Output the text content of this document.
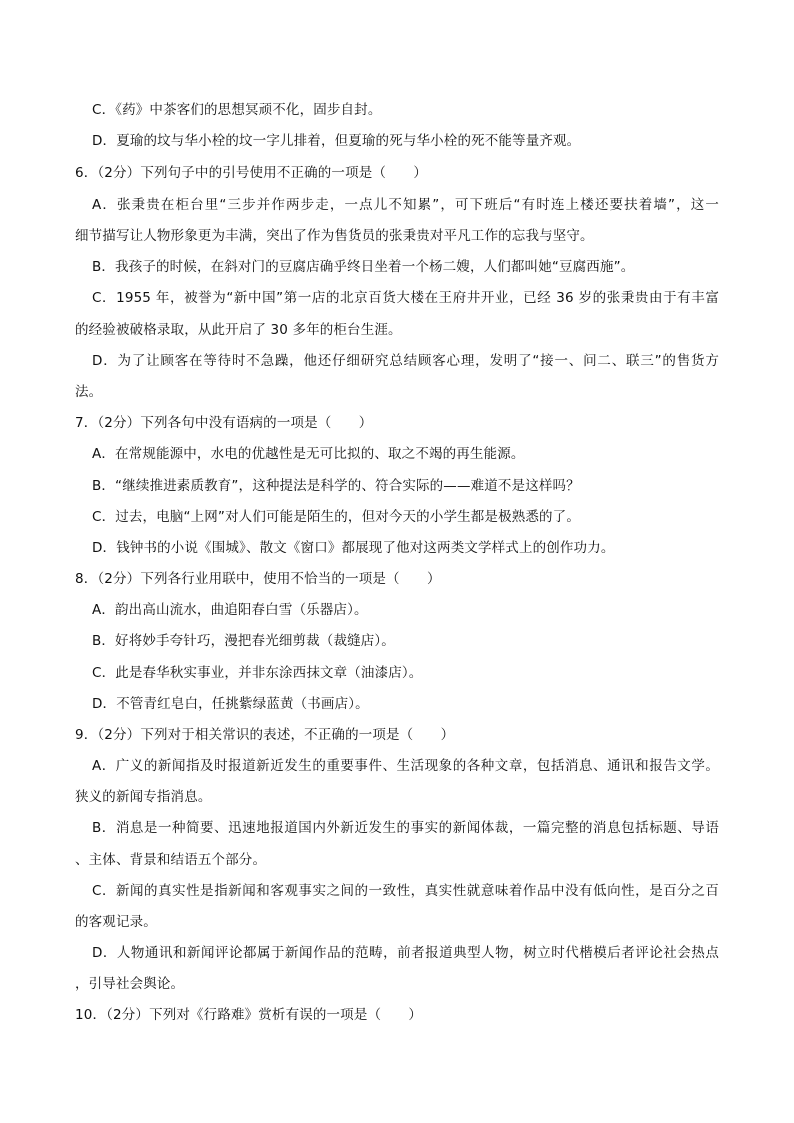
C．《药》中茶客们的思想冥顽不化，固步自封。
D．夏瑜的坟与华小栓的坟一字儿排着，但夏瑜的死与华小栓的死不能等量齐观。
6．（2分）下列句子中的引号使用不正确的一项是（　　）
A．张秉贵在柜台里“三步并作两步走，一点儿不知累”，可下班后“有时连上楼还要扶着墙”，这一
细节描写让人物形象更为丰满，突出了作为售货员的张秉贵对平凡工作的忘我与坚守。
B．我孩子的时候，在斜对门的豆腐店确乎终日坐着一个杨二嫂，人们都叫她“豆腐西施”。
C．1955 年，被誉为“新中国”第一店的北京百货大楼在王府井开业，已经 36 岁的张秉贵由于有丰富
的经验被破格录取，从此开启了 30 多年的柜台生涯。
D．为了让顾客在等待时不急躁，他还仔细研究总结顾客心理，发明了“接一、问二、联三”的售货方
法。
7．（2分）下列各句中没有语病的一项是（　　）
A．在常规能源中，水电的优越性是无可比拟的、取之不竭的再生能源。
B．“继续推进素质教育”，这种提法是科学的、符合实际的——难道不是这样吗？
C．过去，电脑“上网”对人们可能是陌生的，但对今天的小学生都是极熟悉的了。
D．钱钟书的小说《围城》、散文《窗口》都展现了他对这两类文学样式上的创作功力。
8．（2分）下列各行业用联中，使用不恰当的一项是（　　）
A．韵出高山流水，曲追阳春白雪（乐器店）。
B．好将妙手夸针巧，漫把春光细剪裁（裁缝店）。
C．此是春华秋实事业，并非东涂西抹文章（油漆店）。
D．不管青红皂白，任挑紫绿蓝黄（书画店）。
9．（2分）下列对于相关常识的表述，不正确的一项是（　　）
A．广义的新闻指及时报道新近发生的重要事件、生活现象的各种文章，包括消息、通讯和报告文学。
狭义的新闻专指消息。
B．消息是一种简要、迅速地报道国内外新近发生的事实的新闻体裁，一篇完整的消息包括标题、导语
、主体、背景和结语五个部分。
C．新闻的真实性是指新闻和客观事实之间的一致性，真实性就意味着作品中没有低向性，是百分之百
的客观记录。
D．人物通讯和新闻评论都属于新闻作品的范畴，前者报道典型人物，树立时代楷模后者评论社会热点
，引导社会舆论。
10．（2分）下列对《行路难》赏析有误的一项是（　　）
